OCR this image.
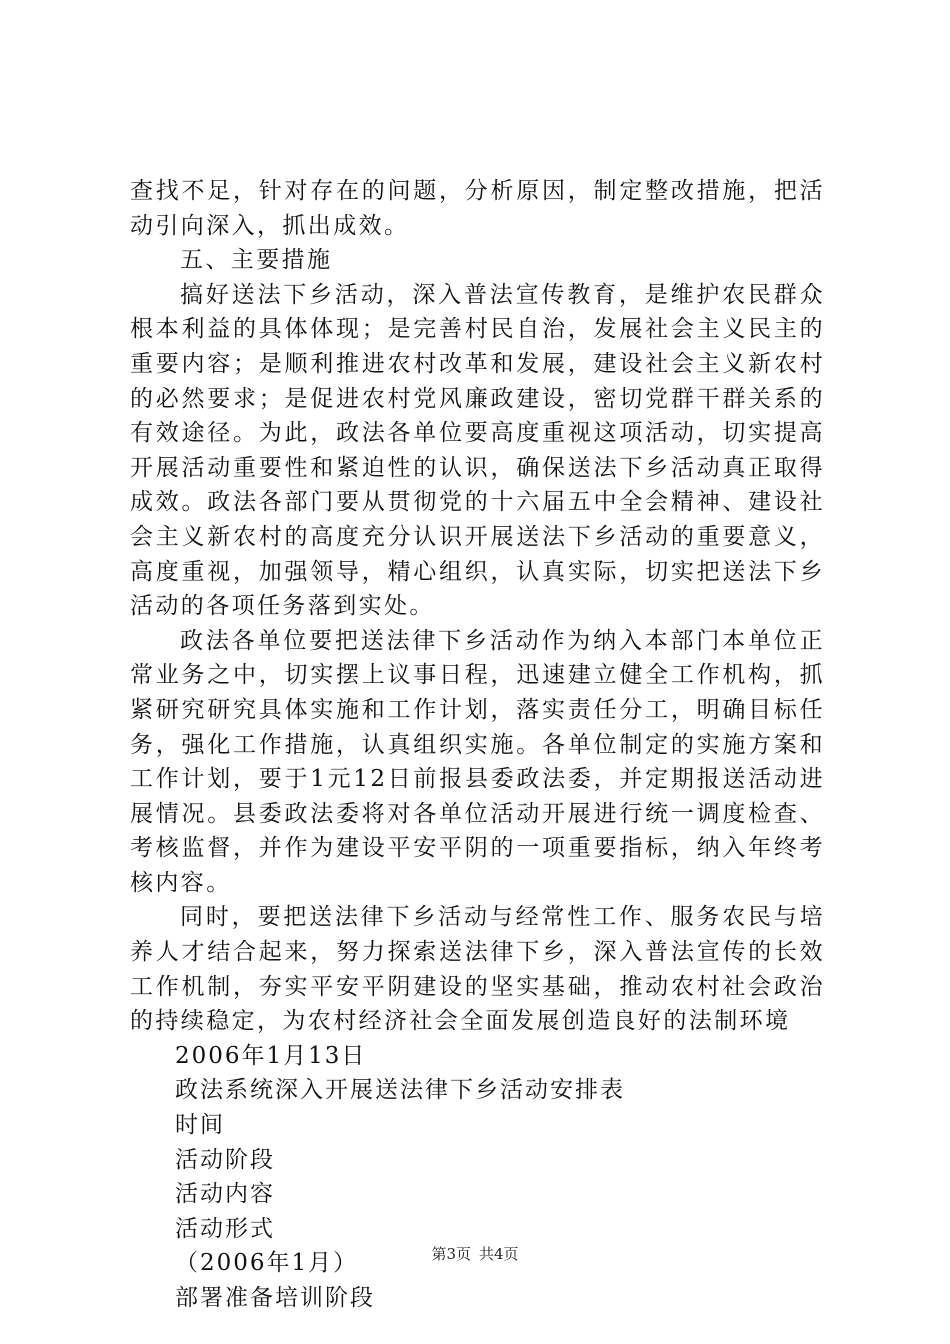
查找不足，针对存在的问题，分析原因，制定整改措施，把活动引向深入，抓出成效。

五、主要措施

搞好送法下乡活动，深入普法宣传教育，是维护农民群众根本利益的具体体现；是完善村民自治，发展社会主义民主的重要内容；是顺利推进农村改革和发展，建设社会主义新农村的必然要求；是促进农村党风廉政建设，密切党群干群关系的有效途径。为此，政法各单位要高度重视这项活动，切实提高开展活动重要性和紧迫性的认识，确保送法下乡活动真正取得成效。政法各部门要从贯彻党的十六届五中全会精神、建设社会主义新农村的高度充分认识开展送法下乡活动的重要意义，高度重视，加强领导，精心组织，认真实际，切实把送法下乡活动的各项任务落到实处。

政法各单位要把送法律下乡活动作为纳入本部门本单位正常业务之中，切实摆上议事日程，迅速建立健全工作机构，抓紧研究研究具体实施和工作计划，落实责任分工，明确目标任务，强化工作措施，认真组织实施。各单位制定的实施方案和工作计划，要于1元12日前报县委政法委，并定期报送活动进展情况。县委政法委将对各单位活动开展进行统一调度检查、考核监督，并作为建设平安平阴的一项重要指标，纳入年终考核内容。

同时，要把送法律下乡活动与经常性工作、服务农民与培养人才结合起来，努力探索送法律下乡，深入普法宣传的长效工作机制，夯实平安平阴建设的坚实基础，推动农村社会政治的持续稳定，为农村经济社会全面发展创造良好的法制环境

2006年1月13日

政法系统深入开展送法律下乡活动安排表

时间

活动阶段

活动内容

活动形式

（2006年1月）

部署准备培训阶段

第3页 共4页
